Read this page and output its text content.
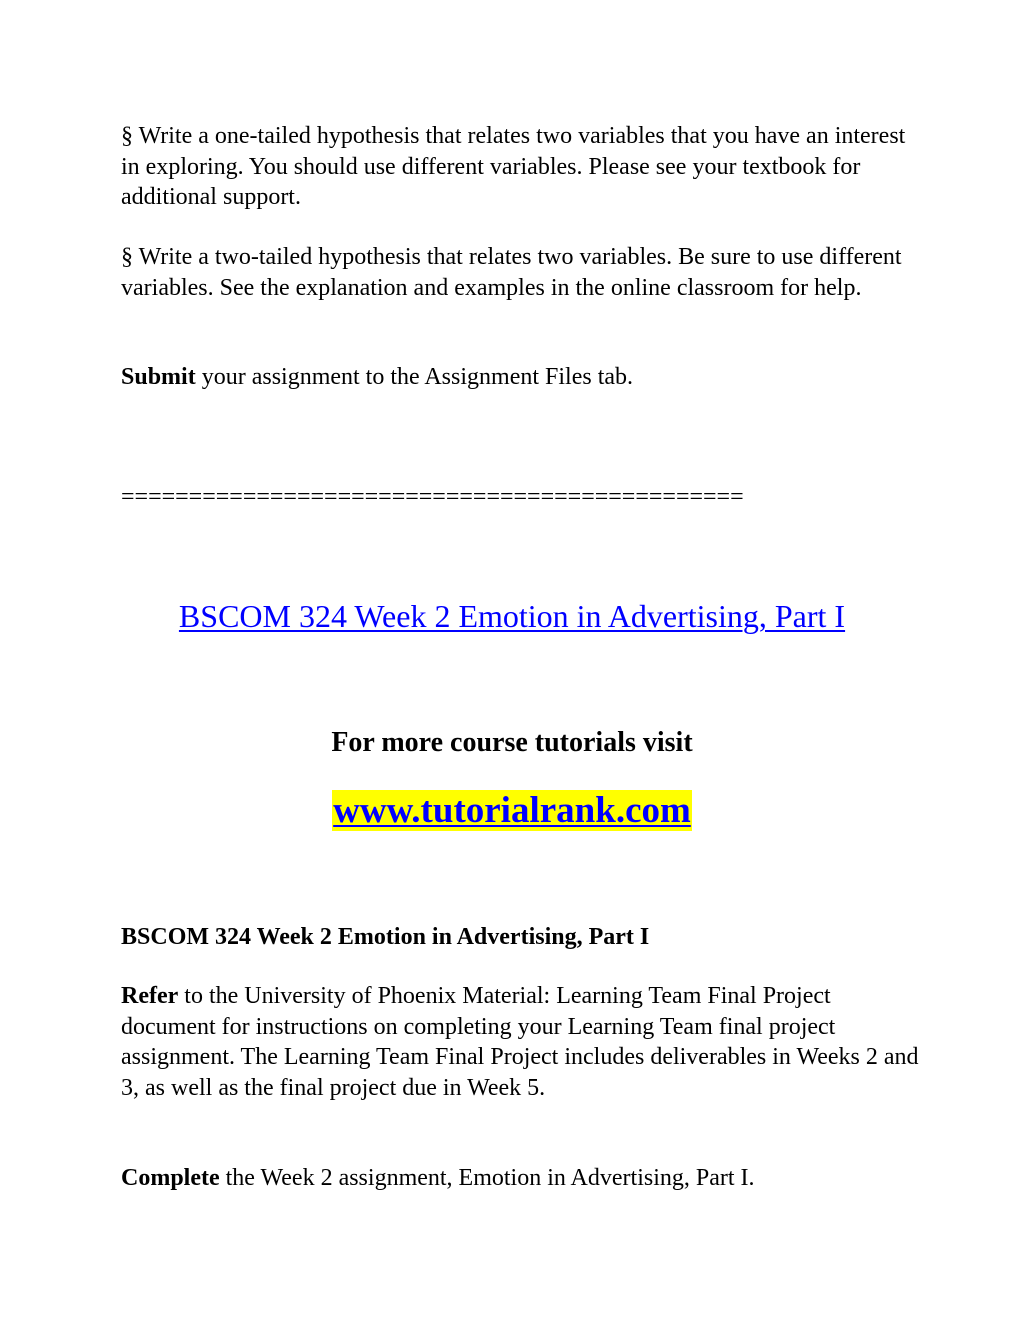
§ Write a one-tailed hypothesis that relates two variables that you have an interest in exploring. You should use different variables. Please see your textbook for additional support.

§ Write a two-tailed hypothesis that relates two variables. Be sure to use different variables. See the explanation and examples in the online classroom for help.

Submit your assignment to the Assignment Files tab.

==============================================

BSCOM 324 Week 2 Emotion in Advertising, Part I

For more course tutorials visit

www.tutorialrank.com

BSCOM 324 Week 2 Emotion in Advertising, Part I

Refer to the University of Phoenix Material: Learning Team Final Project document for instructions on completing your Learning Team final project assignment. The Learning Team Final Project includes deliverables in Weeks 2 and 3, as well as the final project due in Week 5.

Complete the Week 2 assignment, Emotion in Advertising, Part I.
